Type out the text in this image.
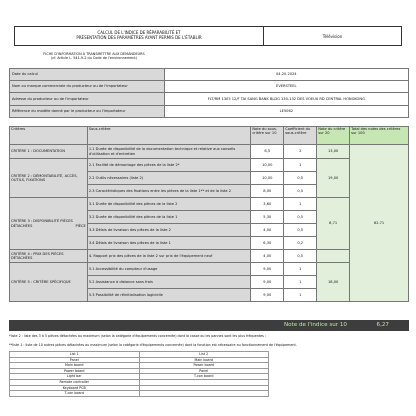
CALCUL DE L'INDICE DE RÉPARABILITÉ ET
PRÉSENTATION DES PARAMÈTRES AYANT PERMIS DE L'ÉTABLIR	Télévision
FICHE D'INFORMATION À TRANSMETTRE AUX DEMANDEURS
(cf. Article L. 541-9-2 du Code de l'environnement)
Date du calcul	04.20.2024
Nom ou marque commerciale du producteur ou de l'importateur	EVERSTEEL
Adresse du producteur ou de l'importateur	FLT/RM 1305 12/F TAI SANG BANK BLDG 130-132 DES VOEUX RD CENTRAL HONGKONG
Référence du modèle donné par le producteur ou l'importateur	LE5062
Critères	Sous-critère	Note du sous-critère sur 10	Coefficient du sous-critère	Note du critère sur 20	Total des notes des critères sur 100
CRITÈRE 1 : DOCUMENTATION	1.1 Durée de disponibilité de la documentation technique et relative aux conseils d'utilisation et d'entretien	6,5	2	13,00	62.71
CRITÈRE 2 : DÉMONTABILITÉ, ACCÈS, OUTILS, FIXATIONS	2.1 Facilité de démontage des pièces de la liste 2*	10,00	1	19,00	
	2.2 Outils nécessaires (liste 2)	10,00	0,5		
	2.3 Caractéristiques des fixations entre les pièces de la liste 1** et de la liste 2	8,00	0,5		
CRITÈRE 3 : DISPONIBILITÉ PIÈCES DÉTACHÉES PIÈCE	3.1 Durée de disponibilité des pièces de la liste 2	3,60	1	8,71	
	3.2 Durée de disponibilité des pièces de la liste 1	5,30	0,5		
	3.3 Délais de livraison des pièces de la liste 2	4,00	0,5		
	3.4 Délais de livraison des pièces de la liste 1	6,30	0,2		
CRITÈRE 4 : PRIX DES PIÈCES DÉTACHÉES	4. Rapport prix des pièces de la liste 2 sur prix de l'équipement neuf	4,00	0,5		
CRITÈRE 5 : CRITÈRE SPÉCIFIQUE	5.1 Accessibilité du compteur d'usage	9,00	1	18,00	
	5.2 Assistance à distance sans frais	9,00	1		
	5.3 Possibilité de réinitialisation logicielle	9,00	1		
Note de l'indice sur 10	6,27
*liste 2 : liste des 3 à 5 pièces détachées au maximum (selon la catégorie d'équipements concernée) dont la casse ou les pannes sont les plus fréquentes ;
**liste 1 : liste de 10 autres pièces détachées au maximum (selon la catégorie d'équipements concernée) dont la fonction est nécessaire au fonctionnement de l'équipement.
List 1	List 2
Panel	Main board
Main board	Power board
Power board	Panel
Light bar	T-con board
Remote controller	
Keyboard PCB	
T-con board	
